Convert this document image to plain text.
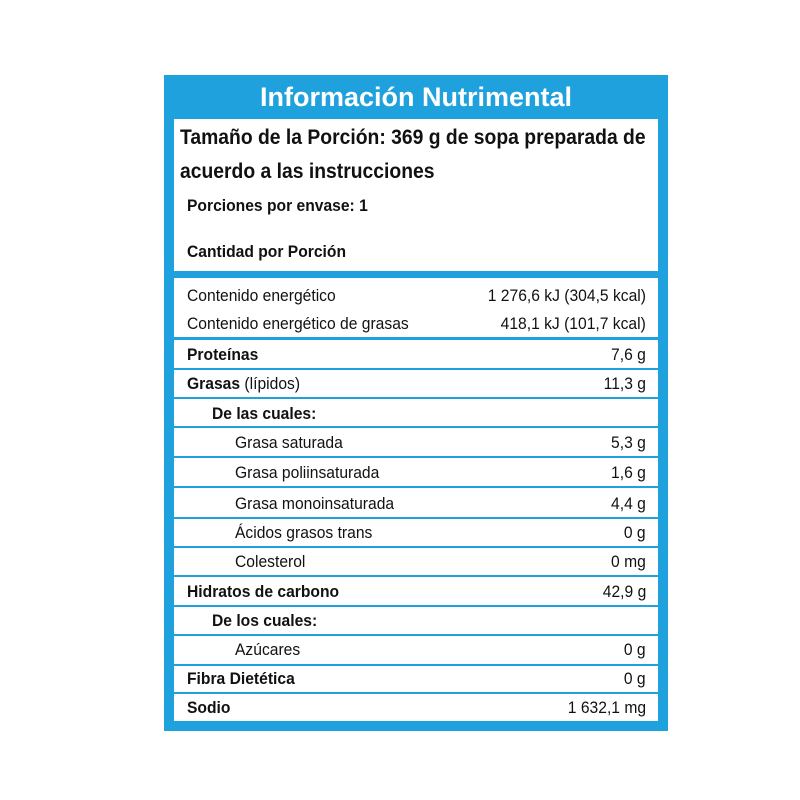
Información Nutrimental
Tamaño de la Porción: 369 g de sopa preparada de
acuerdo a las instrucciones
Porciones por envase: 1
Cantidad por Porción
Contenido energético	1 276,6 kJ (304,5 kcal)
Contenido energético de grasas	418,1 kJ (101,7 kcal)
Proteínas	7,6 g
Grasas (lípidos)	11,3 g
De las cuales:
Grasa saturada	5,3 g
Grasa poliinsaturada	1,6 g
Grasa monoinsaturada	4,4 g
Ácidos grasos trans	0 g
Colesterol	0 mg
Hidratos de carbono	42,9 g
De los cuales:
Azúcares	0 g
Fibra Dietética	0 g
Sodio	1 632,1 mg
